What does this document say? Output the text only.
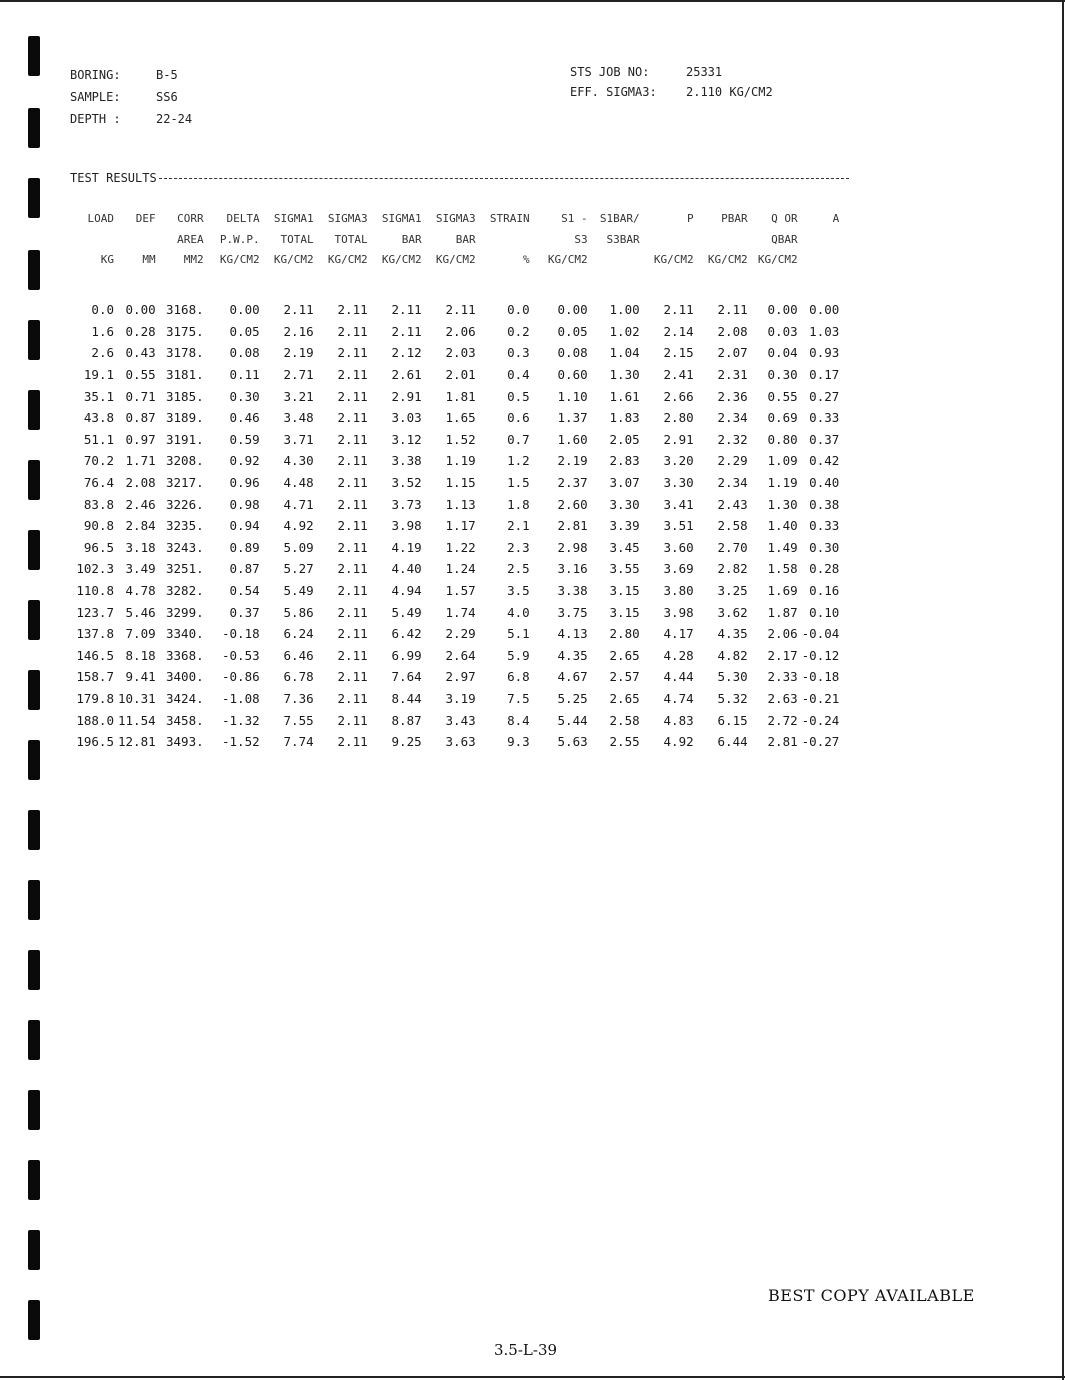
BORING:	B-5
SAMPLE:	SS6
DEPTH :	22-24
STS JOB NO:	25331
EFF. SIGMA3: 2.110 KG/CM2
TEST RESULTS
LOAD	DEF	CORR	DELTA	SIGMA1	SIGMA3	SIGMA1	SIGMA3	STRAIN	S1 -	S1BAR/	P	PBAR	Q OR	A
		AREA	P.W.P.	TOTAL	TOTAL	BAR	BAR		S3	S3BAR			QBAR	
KG	MM	MM2	KG/CM2	KG/CM2	KG/CM2	KG/CM2	KG/CM2	%	KG/CM2		KG/CM2	KG/CM2	KG/CM2	

0.0	0.00	3168.	0.00	2.11	2.11	2.11	2.11	0.0	0.00	1.00	2.11	2.11	0.00	0.00
1.6	0.28	3175.	0.05	2.16	2.11	2.11	2.06	0.2	0.05	1.02	2.14	2.08	0.03	1.03
2.6	0.43	3178.	0.08	2.19	2.11	2.12	2.03	0.3	0.08	1.04	2.15	2.07	0.04	0.93
19.1	0.55	3181.	0.11	2.71	2.11	2.61	2.01	0.4	0.60	1.30	2.41	2.31	0.30	0.17
35.1	0.71	3185.	0.30	3.21	2.11	2.91	1.81	0.5	1.10	1.61	2.66	2.36	0.55	0.27
43.8	0.87	3189.	0.46	3.48	2.11	3.03	1.65	0.6	1.37	1.83	2.80	2.34	0.69	0.33
51.1	0.97	3191.	0.59	3.71	2.11	3.12	1.52	0.7	1.60	2.05	2.91	2.32	0.80	0.37
70.2	1.71	3208.	0.92	4.30	2.11	3.38	1.19	1.2	2.19	2.83	3.20	2.29	1.09	0.42
76.4	2.08	3217.	0.96	4.48	2.11	3.52	1.15	1.5	2.37	3.07	3.30	2.34	1.19	0.40
83.8	2.46	3226.	0.98	4.71	2.11	3.73	1.13	1.8	2.60	3.30	3.41	2.43	1.30	0.38
90.8	2.84	3235.	0.94	4.92	2.11	3.98	1.17	2.1	2.81	3.39	3.51	2.58	1.40	0.33
96.5	3.18	3243.	0.89	5.09	2.11	4.19	1.22	2.3	2.98	3.45	3.60	2.70	1.49	0.30
102.3	3.49	3251.	0.87	5.27	2.11	4.40	1.24	2.5	3.16	3.55	3.69	2.82	1.58	0.28
110.8	4.78	3282.	0.54	5.49	2.11	4.94	1.57	3.5	3.38	3.15	3.80	3.25	1.69	0.16
123.7	5.46	3299.	0.37	5.86	2.11	5.49	1.74	4.0	3.75	3.15	3.98	3.62	1.87	0.10
137.8	7.09	3340.	-0.18	6.24	2.11	6.42	2.29	5.1	4.13	2.80	4.17	4.35	2.06	-0.04
146.5	8.18	3368.	-0.53	6.46	2.11	6.99	2.64	5.9	4.35	2.65	4.28	4.82	2.17	-0.12
158.7	9.41	3400.	-0.86	6.78	2.11	7.64	2.97	6.8	4.67	2.57	4.44	5.30	2.33	-0.18
179.8	10.31	3424.	-1.08	7.36	2.11	8.44	3.19	7.5	5.25	2.65	4.74	5.32	2.63	-0.21
188.0	11.54	3458.	-1.32	7.55	2.11	8.87	3.43	8.4	5.44	2.58	4.83	6.15	2.72	-0.24
196.5	12.81	3493.	-1.52	7.74	2.11	9.25	3.63	9.3	5.63	2.55	4.92	6.44	2.81	-0.27
BEST COPY AVAILABLE
3.5-L-39
